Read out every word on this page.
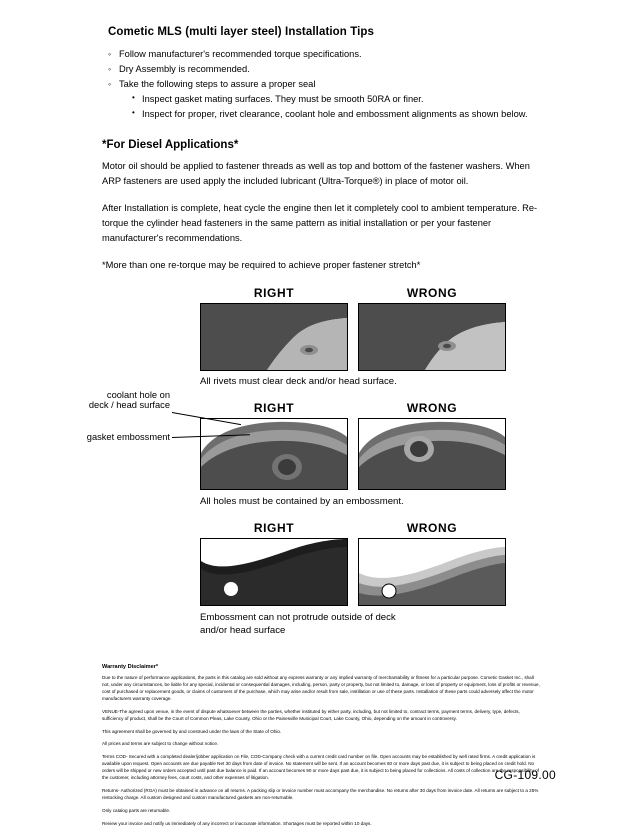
Cometic MLS (multi layer steel) Installation Tips
◦ Follow manufacturer's recommended torque specifications.
◦ Dry Assembly is recommended.
◦ Take the following steps to assure a proper seal
• Inspect gasket mating surfaces. They must be smooth 50RA or finer.
• Inspect for proper, rivet clearance, coolant hole and embossment alignments as shown below.
*For Diesel Applications*

Motor oil should be applied to fastener threads as well as top and bottom of the fastener washers. When ARP fasteners are used apply the included lubricant (Ultra-Torque®) in place of motor oil.

After Installation is complete, heat cycle the engine then let it completely cool to ambient temperature. Re-torque the cylinder head fasteners in the same pattern as initial installation or per your fastener manufacturer's recommendations.

*More than one re-torque may be required to achieve proper fastener stretch*

RIGHT	WRONG
All rivets must clear deck and/or head surface.
RIGHT	WRONG
All holes must be contained by an embossment.
RIGHT	WRONG
Embossment can not protrude outside of deck
and/or head surface
coolant hole on
deck / head surface
gasket embossment
Warranty Disclaimer*

Due to the nature of performance applications, the parts in this catalog are sold without any express warranty or any implied warranty of merchantability or fitness for a particular purpose. Cometic Gasket Inc., shall not, under any circumstances, be liable for any special, incidental or consequential damages, including, person, party or property, but not limited to, damage, or loss of property or equipment, loss of profits or revenue, cost of purchased or replacement goods, or claims of customers of the purchase, which may arise and/or result from sale, instillation or use of these parts. Installation of these parts could adversely affect the motor manufacturers warranty coverage.

VENUE-The agreed upon venue, in the event of dispute whatsoever between the parties, whether instituted by either party, including, but not limited to, contract terms, payment terms, delivery, type, defects, sufficiency of product, shall be the Court of Common Pleas, Lake County, Ohio or the Painesville Municipal Court, Lake County, Ohio, depending on the amount in controversy.

This agreement shall be governed by and construed under the laws of the State of Ohio.

All prices and terms are subject to change without notice.

Terms COD- Secured with a completed dealer/jobber application on File, COD-Company check with a current credit card number on file. Open accounts may be established by well rated firms. A credit application is available upon request. Open accounts are due payable Net 30 days from date of invoice. No statement will be sent. If an account becomes 60 or more days past due, it is subject to being placed on credit hold. No orders will be shipped or new orders accepted until past due balance is paid. If an account becomes 90 or more days past due, it is subject to being placed for collections. All costs of collection are the responsibility of the customer, including attorney fees, court costs, and other expenses of litigation.

Returns- Authorized (RGA) must be obtained in advance on all returns. A packing slip or invoice number must accompany the merchandise. No returns after 30 days from invoice date. All returns are subject to a 25% restocking charge. All custom designed and custom manufactured gaskets are non-returnable.

Only catalog parts are returnable.

Review your invoice and notify us immediately of any incorrect or inaccurate information. Shortages must be reported within 10 days.

CG-109.00
